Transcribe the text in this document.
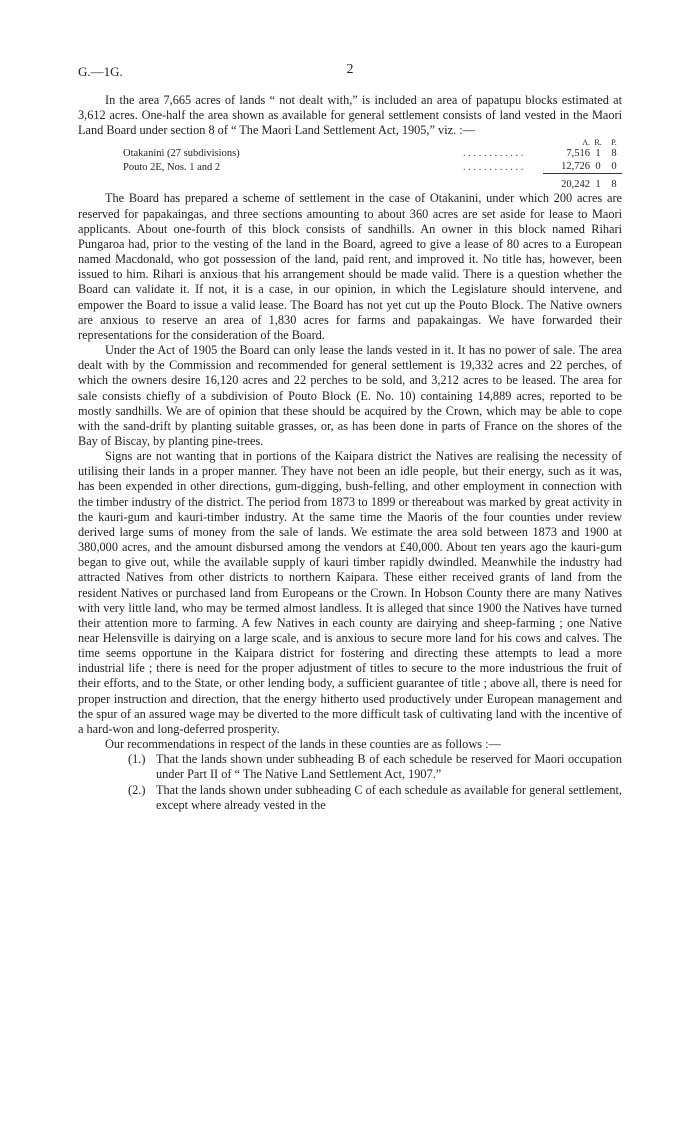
G.—1G.	2

In the area 7,665 acres of lands “ not dealt with,” is included an area of papatupu blocks estimated at 3,612 acres. One-half the area shown as available for general settlement consists of land vested in the Maori Land Board under section 8 of “ The Maori Land Settlement Act, 1905,” viz. :—

		A.	R.	P.
Otakanini (27 subdivisions)	. . . . . . . . . . . .	7,516	1	8
Pouto 2E, Nos. 1 and 2	. . . . . . . . . . . .	12,726	0	0
		20,242	1	8

The Board has prepared a scheme of settlement in the case of Otakanini, under which 200 acres are reserved for papakaingas, and three sections amounting to about 360 acres are set aside for lease to Maori applicants. About one-fourth of this block consists of sandhills. An owner in this block named Rihari Pungaroa had, prior to the vesting of the land in the Board, agreed to give a lease of 80 acres to a European named Macdonald, who got possession of the land, paid rent, and improved it. No title has, however, been issued to him. Rihari is anxious that his arrangement should be made valid. There is a question whether the Board can validate it. If not, it is a case, in our opinion, in which the Legislature should intervene, and empower the Board to issue a valid lease. The Board has not yet cut up the Pouto Block. The Native owners are anxious to reserve an area of 1,830 acres for farms and papakaingas. We have forwarded their representations for the consideration of the Board.

Under the Act of 1905 the Board can only lease the lands vested in it. It has no power of sale. The area dealt with by the Commission and recommended for general settlement is 19,332 acres and 22 perches, of which the owners desire 16,120 acres and 22 perches to be sold, and 3,212 acres to be leased. The area for sale consists chiefly of a subdivision of Pouto Block (E. No. 10) containing 14,889 acres, reported to be mostly sandhills. We are of opinion that these should be acquired by the Crown, which may be able to cope with the sand-drift by planting suitable grasses, or, as has been done in parts of France on the shores of the Bay of Biscay, by planting pine-trees.

Signs are not wanting that in portions of the Kaipara district the Natives are realising the necessity of utilising their lands in a proper manner. They have not been an idle people, but their energy, such as it was, has been expended in other directions, gum-digging, bush-felling, and other employment in connection with the timber industry of the district. The period from 1873 to 1899 or thereabout was marked by great activity in the kauri-gum and kauri-timber industry. At the same time the Maoris of the four counties under review derived large sums of money from the sale of lands. We estimate the area sold between 1873 and 1900 at 380,000 acres, and the amount disbursed among the vendors at £40,000. About ten years ago the kauri-gum began to give out, while the available supply of kauri timber rapidly dwindled. Meanwhile the industry had attracted Natives from other districts to northern Kaipara. These either received grants of land from the resident Natives or purchased land from Europeans or the Crown. In Hobson County there are many Natives with very little land, who may be termed almost landless. It is alleged that since 1900 the Natives have turned their attention more to farming. A few Natives in each county are dairying and sheep-farming ; one Native near Helensville is dairying on a large scale, and is anxious to secure more land for his cows and calves. The time seems opportune in the Kaipara district for fostering and directing these attempts to lead a more industrial life ; there is need for the proper adjustment of titles to secure to the more industrious the fruit of their efforts, and to the State, or other lending body, a sufficient guarantee of title ; above all, there is need for proper instruction and direction, that the energy hitherto used productively under European management and the spur of an assured wage may be diverted to the more difficult task of cultivating land with the incentive of a hard-won and long-deferred prosperity.

Our recommendations in respect of the lands in these counties are as follows :—

(1.) That the lands shown under subheading B of each schedule be reserved for Maori occupation under Part II of “ The Native Land Settlement Act, 1907.”
(2.) That the lands shown under subheading C of each schedule as available for general settlement, except where already vested in the
